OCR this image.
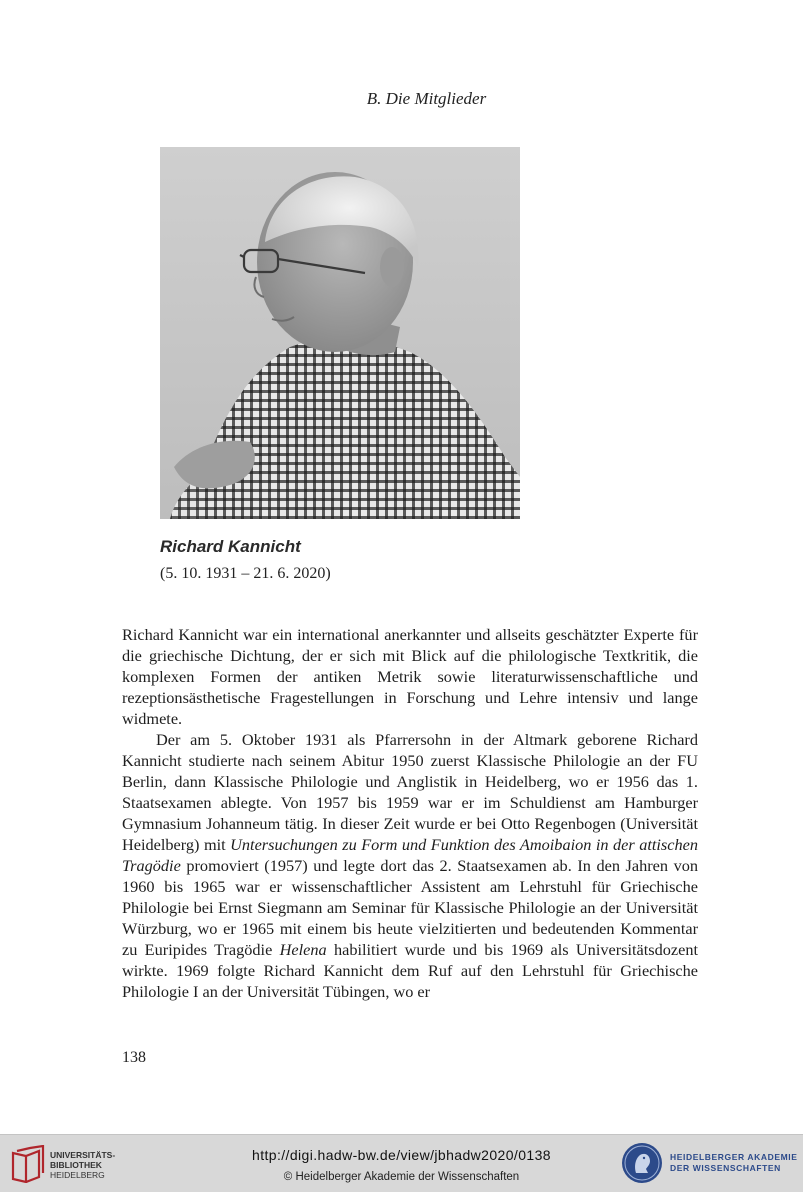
B. Die Mitglieder
Richard Kannicht
(5. 10. 1931 – 21. 6. 2020)

Richard Kannicht war ein international anerkannter und allseits geschätzter Experte für die griechische Dichtung, der er sich mit Blick auf die philologische Textkritik, die komplexen Formen der antiken Metrik sowie literaturwissenschaftliche und rezeptionsästhetische Fragestellungen in Forschung und Lehre intensiv und lange widmete.

Der am 5. Oktober 1931 als Pfarrersohn in der Altmark geborene Richard Kannicht studierte nach seinem Abitur 1950 zuerst Klassische Philologie an der FU Berlin, dann Klassische Philologie und Anglistik in Heidelberg, wo er 1956 das 1. Staatsexamen ablegte. Von 1957 bis 1959 war er im Schuldienst am Hamburger Gymnasium Johanneum tätig. In dieser Zeit wurde er bei Otto Regenbogen (Universität Heidelberg) mit Untersuchungen zu Form und Funktion des Amoibaion in der attischen Tragödie promoviert (1957) und legte dort das 2. Staatsexamen ab. In den Jahren von 1960 bis 1965 war er wissenschaftlicher Assistent am Lehrstuhl für Griechische Philologie bei Ernst Siegmann am Seminar für Klassische Philologie an der Universität Würzburg, wo er 1965 mit einem bis heute vielzitierten und bedeutenden Kommentar zu Euripides Tragödie Helena habilitiert wurde und bis 1969 als Universitätsdozent wirkte. 1969 folgte Richard Kannicht dem Ruf auf den Lehrstuhl für Griechische Philologie I an der Universität Tübingen, wo er

138
UNIVERSITÄTS-
BIBLIOTHEK
HEIDELBERG
http://digi.hadw-bw.de/view/jbhadw2020/0138
© Heidelberger Akademie der Wissenschaften
HEIDELBERGER AKADEMIE
DER WISSENSCHAFTEN
